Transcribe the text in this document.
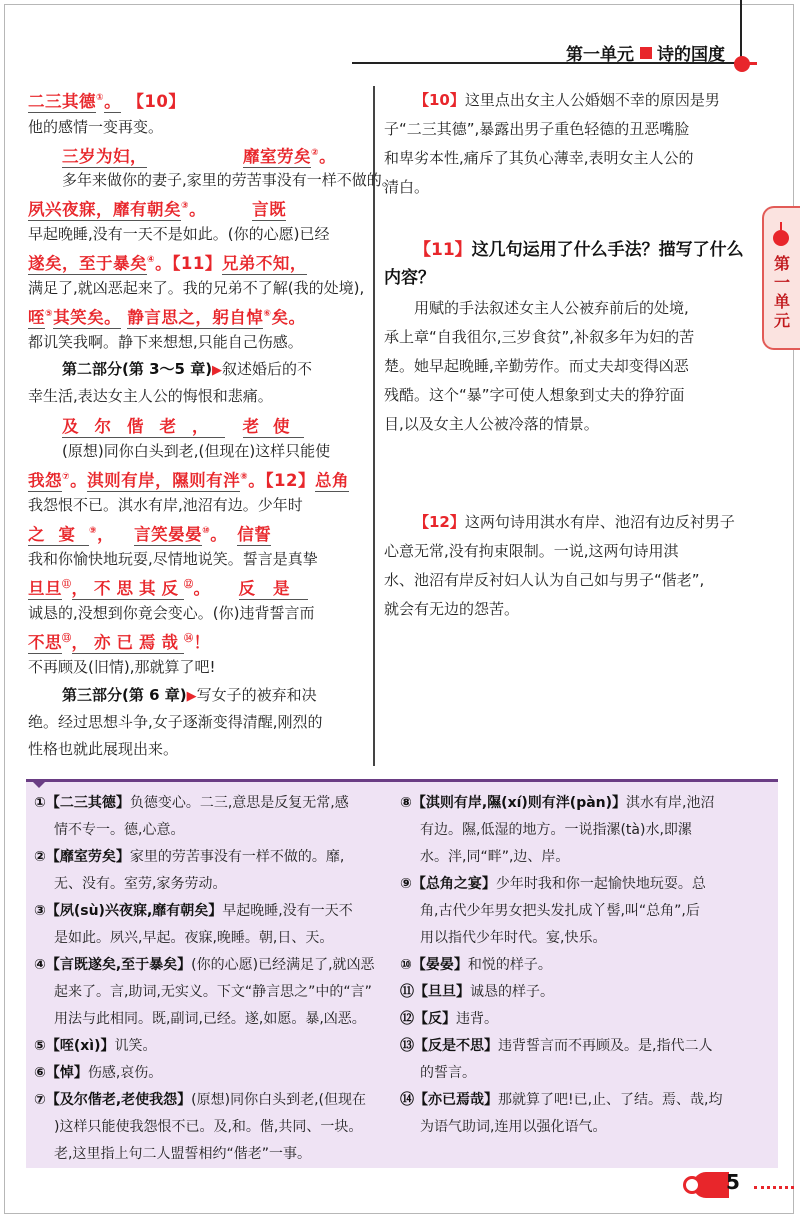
第一单元 诗的国度
第一单元
二三其德①。 【10】
他的感情一变再变。
三岁为妇，	靡室劳矣②。
多年来做你的妻子,家里的劳苦事没有一样不做的。
夙兴夜寐，靡有朝矣③。	言既
早起晚睡,没有一天不是如此。(你的心愿)已经
遂矣，至于暴矣④。【11】兄弟不知，
满足了,就凶恶起来了。我的兄弟不了解(我的处境),
咥⑤其笑矣。 静言思之，躬自悼⑥矣。
都讥笑我啊。静下来想想,只能自己伤感。
第二部分(第 3～5 章)▶叙述婚后的不
幸生活,表达女主人公的悔恨和悲痛。
及尔偕老， 老使
(原想)同你白头到老,(但现在)这样只能使
我怨⑦。淇则有岸，隰则有泮⑧。【12】总角
我怨恨不已。淇水有岸,池沼有边。少年时
之宴⑨， 言笑晏晏⑩。 信誓
我和你愉快地玩耍,尽情地说笑。誓言是真挚
旦旦⑪，不思其反⑫。 反是
诚恳的,没想到你竟会变心。(你)违背誓言而
不思⑬，亦已焉哉⑭！
不再顾及(旧情),那就算了吧!
第三部分(第 6 章)▶写女子的被弃和决
绝。经过思想斗争,女子逐渐变得清醒,刚烈的
性格也就此展现出来。
【10】这里点出女主人公婚姻不幸的原因是男
子“二三其德”,暴露出男子重色轻德的丑恶嘴脸
和卑劣本性,痛斥了其负心薄幸,表明女主人公的
清白。
【11】这几句运用了什么手法？描写了什么
内容？
用赋的手法叙述女主人公被弃前后的处境,
承上章“自我徂尔,三岁食贫”,补叙多年为妇的苦
楚。她早起晚睡,辛勤劳作。而丈夫却变得凶恶
残酷。这个“暴”字可使人想象到丈夫的狰狞面
目,以及女主人公被冷落的情景。
【12】这两句诗用淇水有岸、池沼有边反衬男子
心意无常,没有拘束限制。一说,这两句诗用淇
水、池沼有岸反衬妇人认为自己如与男子“偕老”,
就会有无边的怨苦。
①【二三其德】负德变心。二三,意思是反复无常,感
情不专一。德,心意。
②【靡室劳矣】家里的劳苦事没有一样不做的。靡,
无、没有。室劳,家务劳动。
③【夙(sù)兴夜寐,靡有朝矣】早起晚睡,没有一天不
是如此。夙兴,早起。夜寐,晚睡。朝,日、天。
④【言既遂矣,至于暴矣】(你的心愿)已经满足了,就凶恶
起来了。言,助词,无实义。下文“静言思之”中的“言”
用法与此相同。既,副词,已经。遂,如愿。暴,凶恶。
⑤【咥(xì)】讥笑。
⑥【悼】伤感,哀伤。
⑦【及尔偕老,老使我怨】(原想)同你白头到老,(但现在
)这样只能使我怨恨不已。及,和。偕,共同、一块。
老,这里指上句二人盟誓相约“偕老”一事。
⑧【淇则有岸,隰(xí)则有泮(pàn)】淇水有岸,池沼
有边。隰,低湿的地方。一说指漯(tà)水,即漯
水。泮,同“畔”,边、岸。
⑨【总角之宴】少年时我和你一起愉快地玩耍。总
角,古代少年男女把头发扎成丫髻,叫“总角”,后
用以指代少年时代。宴,快乐。
⑩【晏晏】和悦的样子。
⑪【旦旦】诚恳的样子。
⑫【反】违背。
⑬【反是不思】违背誓言而不再顾及。是,指代二人
的誓言。
⑭【亦已焉哉】那就算了吧!已,止、了结。焉、哉,均
为语气助词,连用以强化语气。
5
